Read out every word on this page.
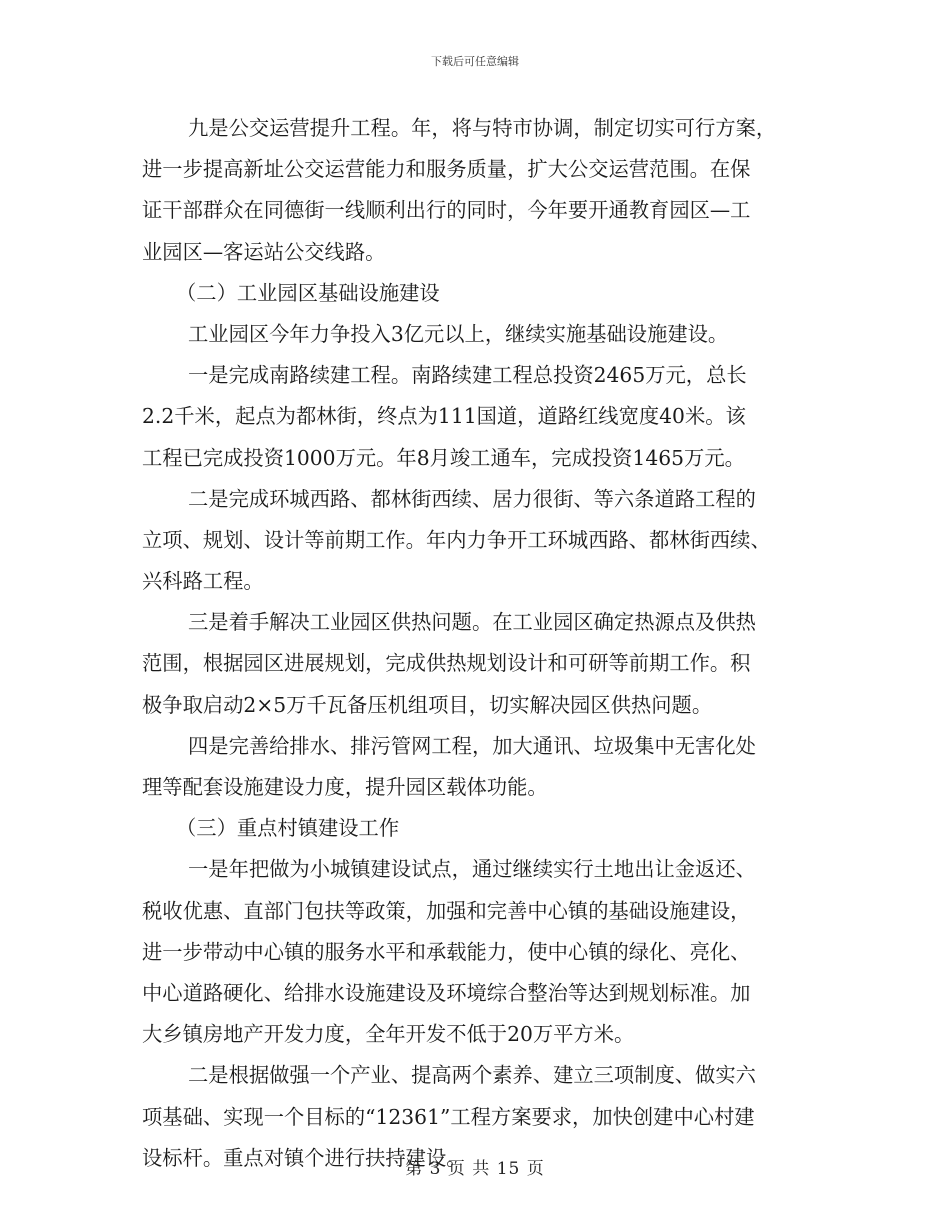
下载后可任意编辑
九是公交运营提升工程。年，将与特市协调，制定切实可行方案，
进一步提高新址公交运营能力和服务质量，扩大公交运营范围。在保
证干部群众在同德街一线顺利出行的同时，今年要开通教育园区—工
业园区—客运站公交线路。
（二）工业园区基础设施建设
工业园区今年力争投入3亿元以上，继续实施基础设施建设。
一是完成南路续建工程。南路续建工程总投资2465万元，总长
2.2千米，起点为都林街，终点为111国道，道路红线宽度40米。该
工程已完成投资1000万元。年8月竣工通车，完成投资1465万元。
二是完成环城西路、都林街西续、居力很街、等六条道路工程的
立项、规划、设计等前期工作。年内力争开工环城西路、都林街西续、
兴科路工程。
三是着手解决工业园区供热问题。在工业园区确定热源点及供热
范围，根据园区进展规划，完成供热规划设计和可研等前期工作。积
极争取启动2×5万千瓦备压机组项目，切实解决园区供热问题。
四是完善给排水、排污管网工程，加大通讯、垃圾集中无害化处
理等配套设施建设力度，提升园区载体功能。
（三）重点村镇建设工作
一是年把做为小城镇建设试点，通过继续实行土地出让金返还、
税收优惠、直部门包扶等政策，加强和完善中心镇的基础设施建设，
进一步带动中心镇的服务水平和承载能力，使中心镇的绿化、亮化、
中心道路硬化、给排水设施建设及环境综合整治等达到规划标准。加
大乡镇房地产开发力度，全年开发不低于20万平方米。
二是根据做强一个产业、提高两个素养、建立三项制度、做实六
项基础、实现一个目标的“12361”工程方案要求，加快创建中心村建
设标杆。重点对镇个进行扶持建设。
第 3 页 共 15 页
